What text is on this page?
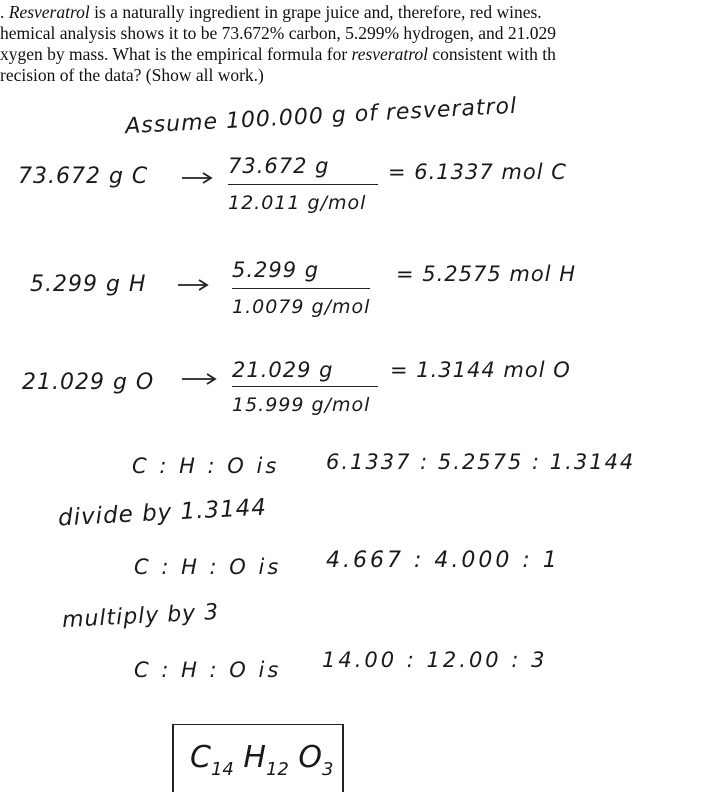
. Resveratrol is a naturally ingredient in grape juice and, therefore, red wines.
hemical analysis shows it to be 73.672% carbon, 5.299% hydrogen, and 21.029
xygen by mass. What is the empirical formula for resveratrol consistent with th
recision of the data? (Show all work.)
Assume 100.000 g of resveratrol
73.672 g C	73.672 g
12.011 g/mol
= 6.1337 mol C
5.299 g H
5.299 g
1.0079 g/mol
= 5.2575 mol H
21.029 g O	21.029 g
15.999 g/mol
= 1.3144 mol O
C : H : O is 6.1337 : 5.2575 : 1.3144
divide by 1.3144
C : H : O is 4.667 : 4.000 : 1
multiply by 3
C : H : O is 14.00 : 12.00 : 3
$C_{14}$ $H_{12}$ $O_3$
